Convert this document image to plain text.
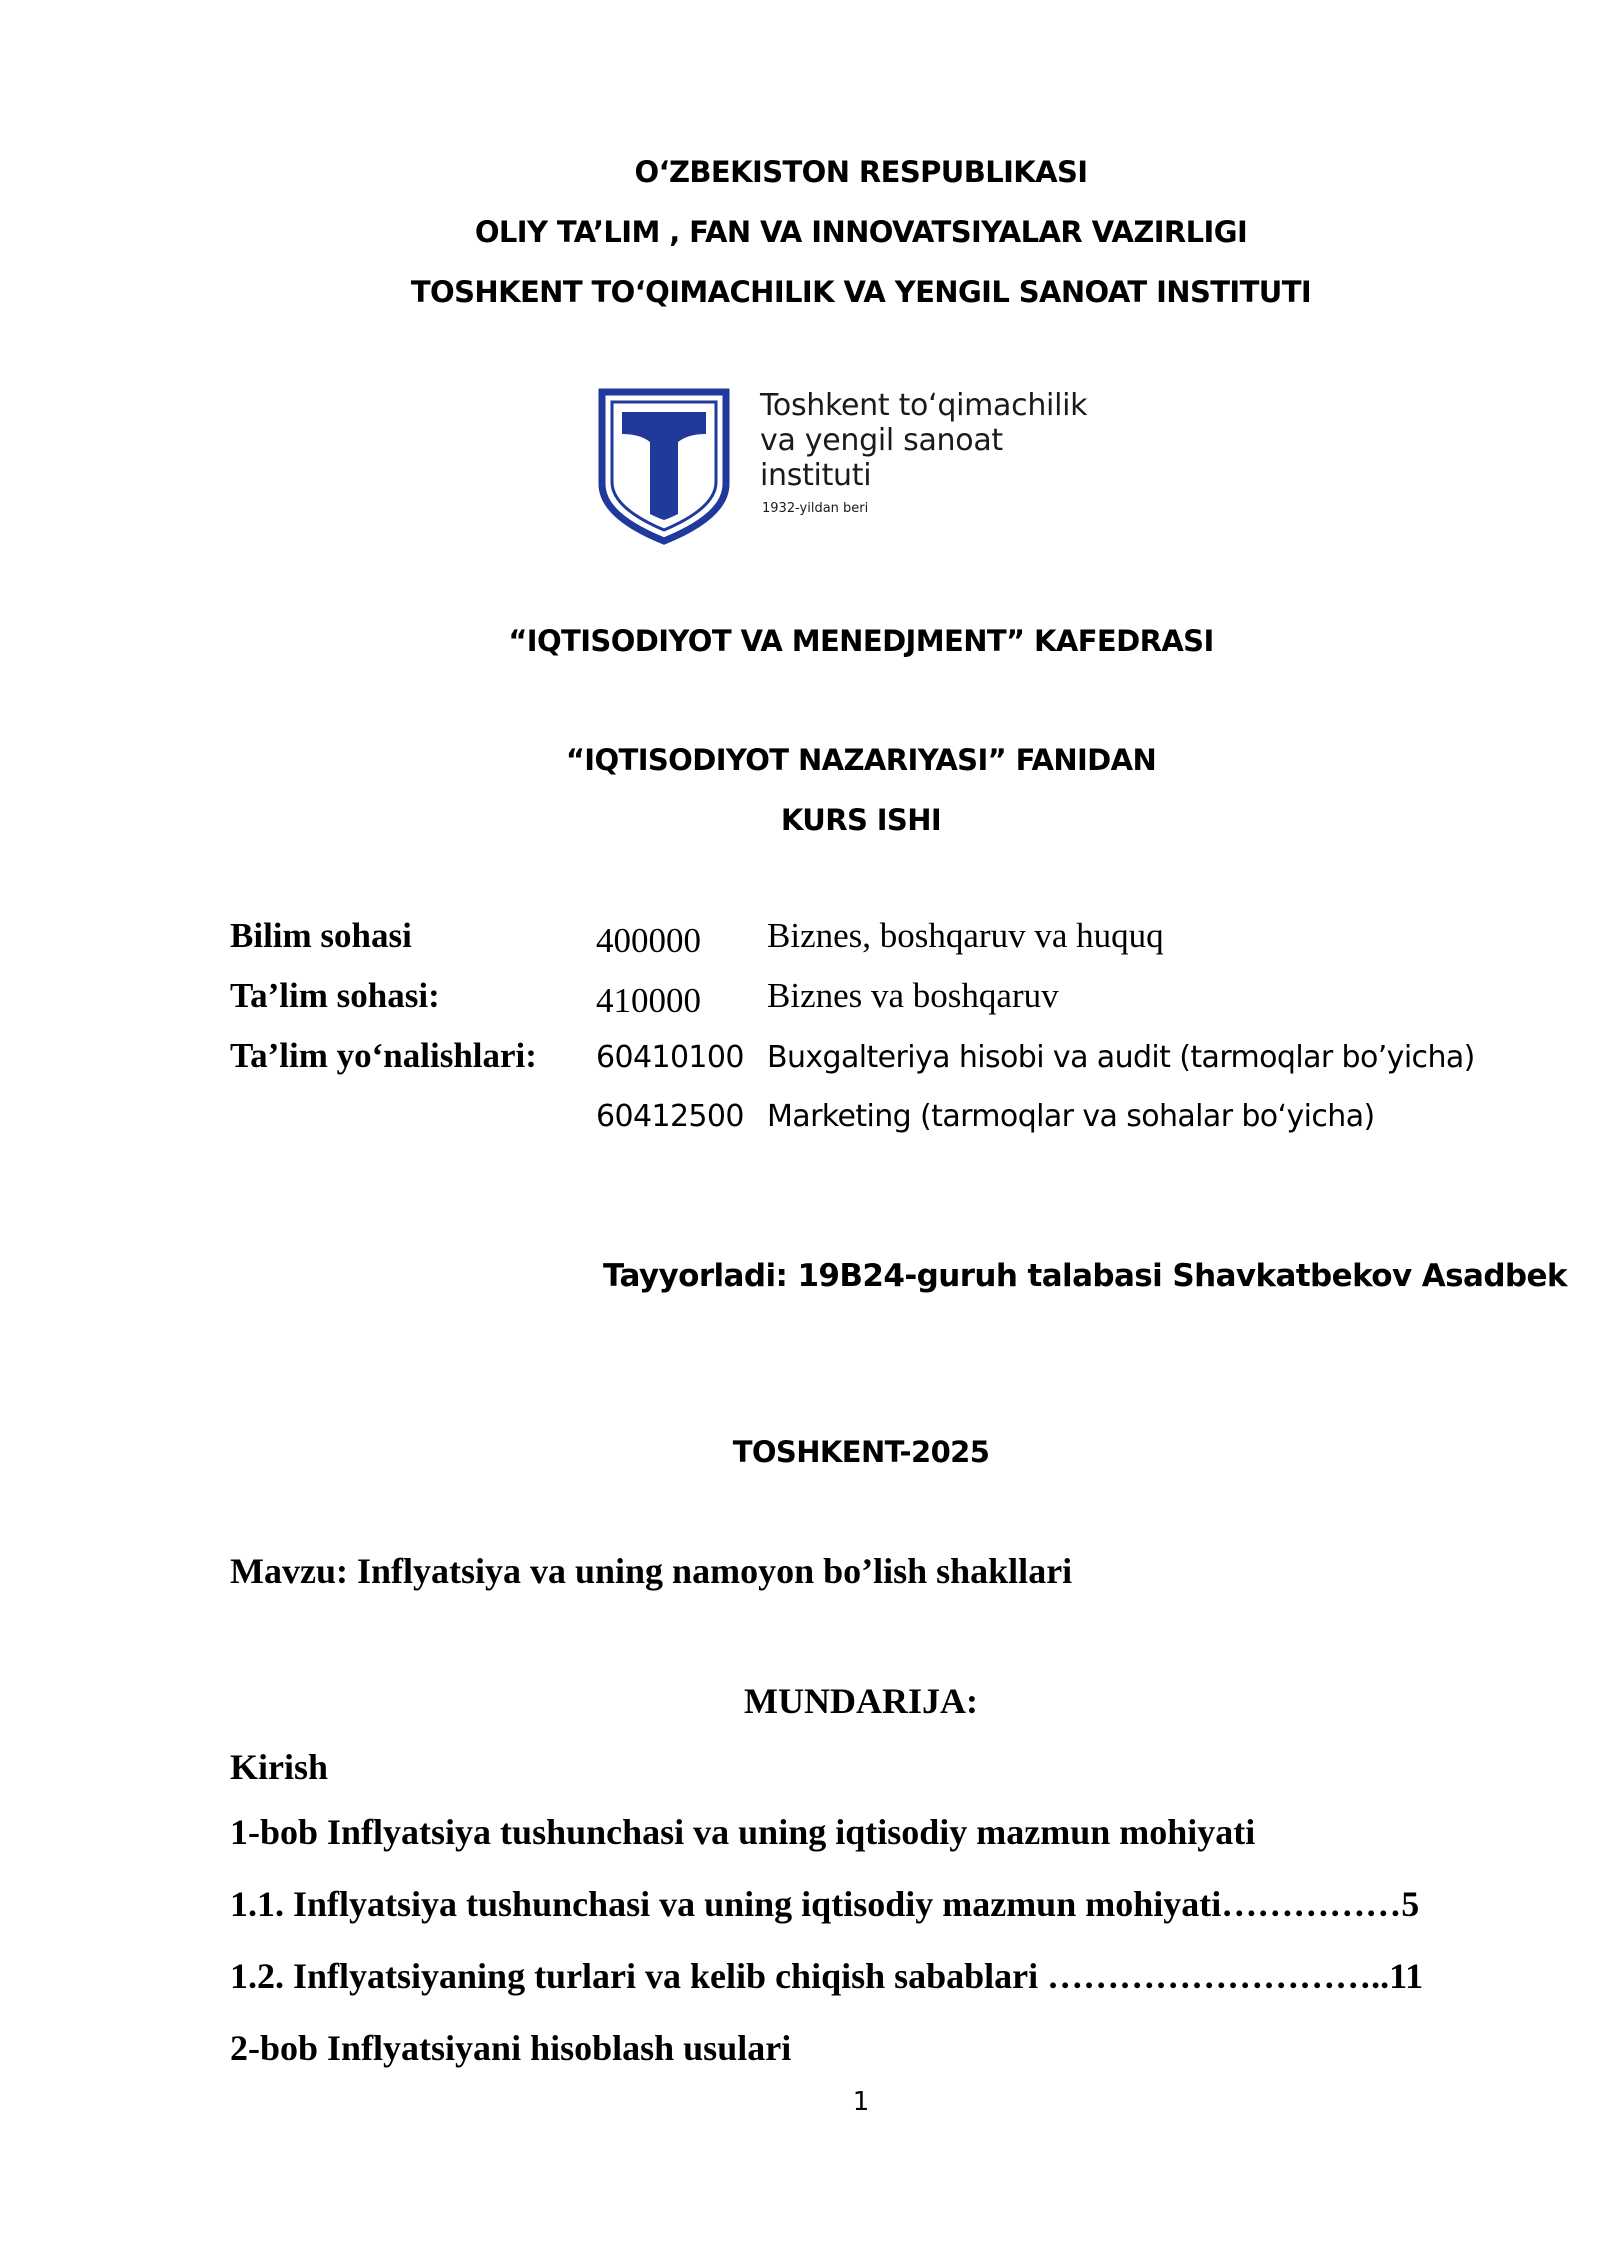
O‘ZBEKISTON RESPUBLIKASI
OLIY TA’LIM , FAN VA INNOVATSIYALAR VAZIRLIGI
TOSHKENT TO‘QIMACHILIK VA YENGIL SANOAT INSTITUTI
Toshkent to‘qimachilik
va yengil sanoat
instituti
1932-yildan beri
“IQTISODIYOT VA MENEDJMENT” KAFEDRASI
“IQTISODIYOT NAZARIYASI” FANIDAN
KURS ISHI
Bilim sohasi	400000 Biznes, boshqaruv va huquq
Ta’lim sohasi:	410000 Biznes va boshqaruv
Ta’lim yo‘nalishlari: 60410100 Buxgalteriya hisobi va audit (tarmoqlar bo’yicha)
60412500 Marketing (tarmoqlar va sohalar bo‘yicha)
Tayyorladi: 19B24-guruh talabasi Shavkatbekov Asadbek
TOSHKENT-2025
Mavzu: Inflyatsiya va uning namoyon bo’lish shakllari
MUNDARIJA:
Kirish
1-bob Inflyatsiya tushunchasi va uning iqtisodiy mazmun mohiyati
1.1. Inflyatsiya tushunchasi va uning iqtisodiy mazmun mohiyati……………5
1.2. Inflyatsiyaning turlari va kelib chiqish sabablari ………………………..11
2-bob Inflyatsiyani hisoblash usulari
1
